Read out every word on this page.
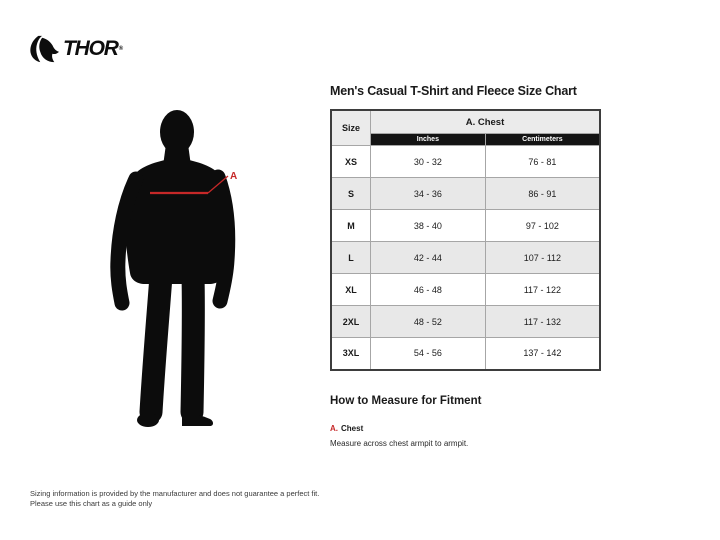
THOR ®
A
Men's Casual T-Shirt and Fleece Size Chart
Size	A. Chest	
	Inches	Centimeters
XS	30 - 32	76 - 81
S	34 - 36	86 - 91
M	38 - 40	97 - 102
L	42 - 44	107 - 112
XL	46 - 48	117 - 122
2XL	48 - 52	117 - 132
3XL	54 - 56	137 - 142
How to Measure for Fitment
A. Chest

Measure across chest armpit to armpit.

Sizing information is provided by the manufacturer and does not guarantee a perfect fit.
Please use this chart as a guide only
